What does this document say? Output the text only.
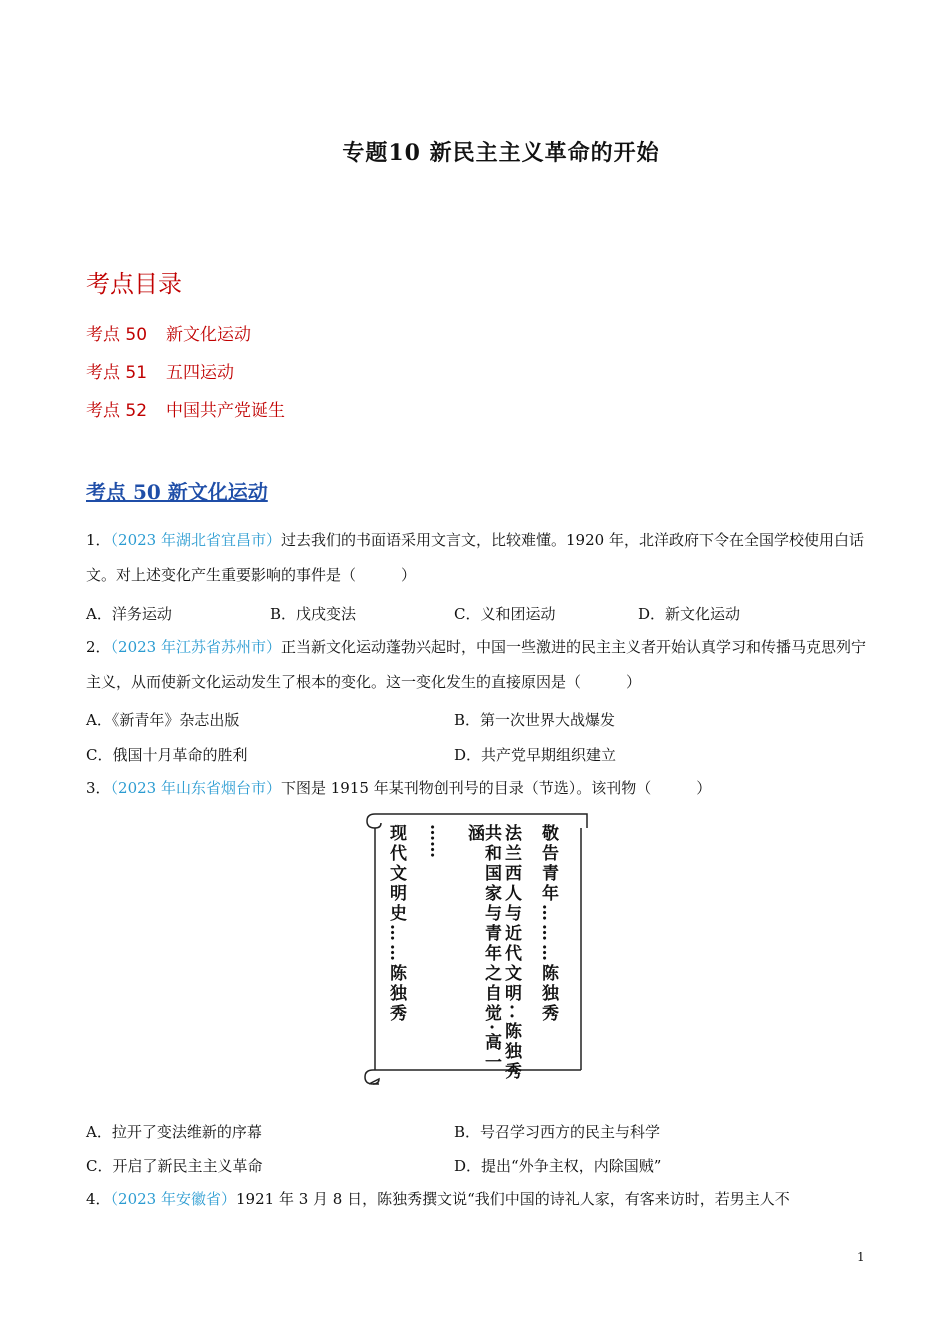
专题10 新民主主义革命的开始
考点目录
考点 50 新文化运动
考点 51 五四运动
考点 52 中国共产党诞生
考点 50 新文化运动
1．（2023 年湖北省宜昌市）过去我们的书面语采用文言文，比较难懂。1920 年，北洋政府下令在全国学校使用白话文。对上述变化产生重要影响的事件是（　　　）
A．洋务运动	B．戊戌变法	C．义和团运动	D．新文化运动
2．（2023 年江苏省苏州市）正当新文化运动蓬勃兴起时，中国一些激进的民主主义者开始认真学习和传播马克思列宁主义，从而使新文化运动发生了根本的变化。这一变化发生的直接原因是（　　　）
A．《新青年》杂志出版	B．第一次世界大战爆发
C．俄国十月革命的胜利	D．共产党早期组织建立
3．（2023 年山东省烟台市）下图是 1915 年某刊物创刊号的目录（节选）。该刊物（　　　）
敬告青年………陈独秀
法兰西人与近代文明··陈独秀
共和国家与青年之自觉·高一涵
……
现代文明史……陈独秀
A．拉开了变法维新的序幕	B．号召学习西方的民主与科学
C．开启了新民主主义革命	D．提出“外争主权，内除国贼”
4．（2023 年安徽省）1921 年 3 月 8 日，陈独秀撰文说“我们中国的诗礼人家，有客来访时，若男主人不
1
